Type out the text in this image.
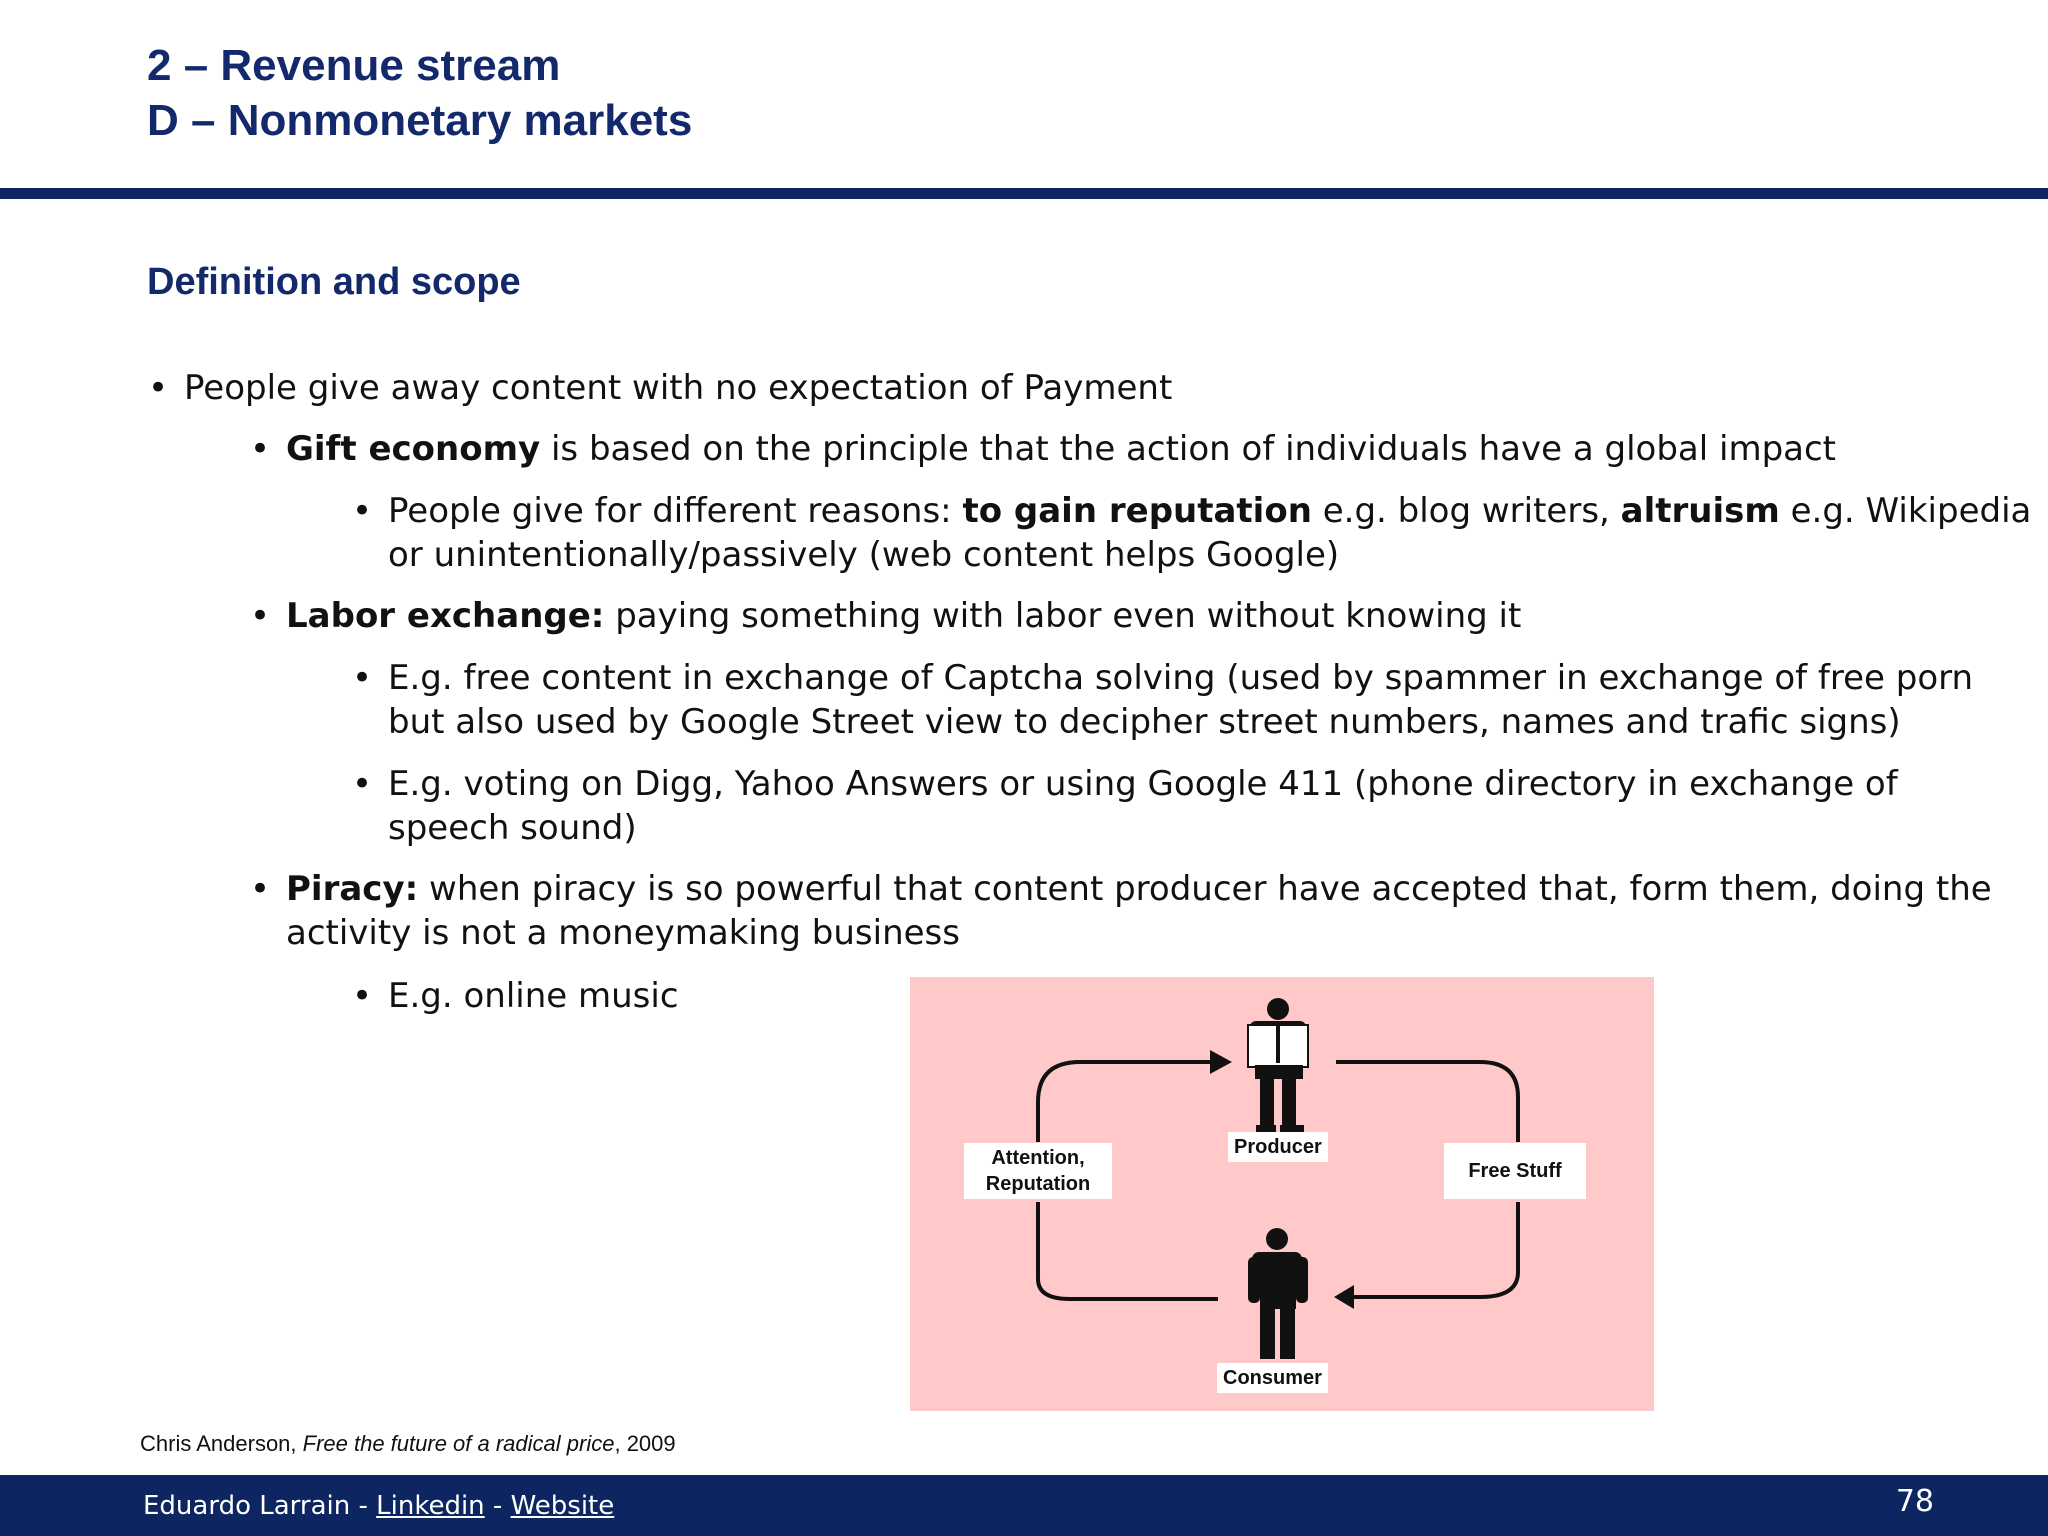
2 – Revenue stream
D – Nonmonetary markets
Definition and scope
• People give away content with no expectation of Payment
• Gift economy is based on the principle that the action of individuals have a global impact
• People give for different reasons: to gain reputation e.g. blog writers, altruism e.g. Wikipedia
or unintentionally/passively (web content helps Google)
• Labor exchange: paying something with labor even without knowing it
• E.g. free content in exchange of Captcha solving (used by spammer in exchange of free porn
but also used by Google Street view to decipher street numbers, names and trafic signs)
• E.g. voting on Digg, Yahoo Answers or using Google 411 (phone directory in exchange of
speech sound)
• Piracy: when piracy is so powerful that content producer have accepted that, form them, doing the
activity is not a moneymaking business
• E.g. online music
Producer
Consumer
Attention,
Reputation
Free Stuff
Chris Anderson, Free the future of a radical price, 2009
Eduardo Larrain - Linkedin - Website	78
